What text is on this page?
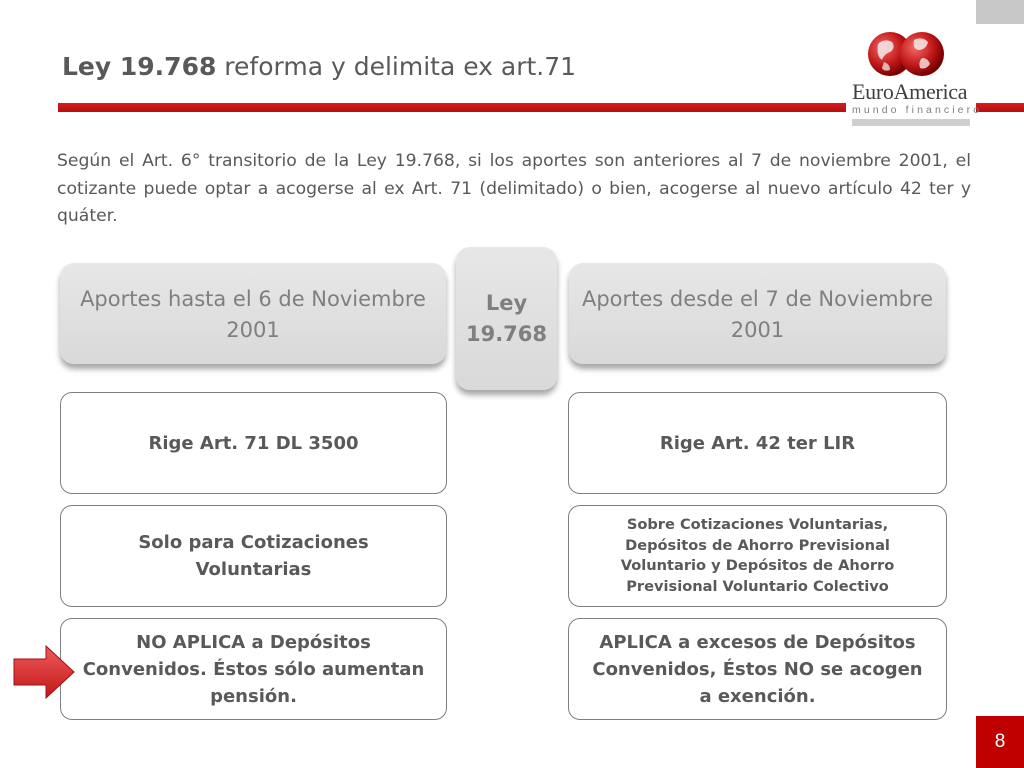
Ley 19.768 reforma y delimita ex art.71
EuroAmerica
mundo financiero
Según el Art. 6° transitorio de la Ley 19.768, si los aportes son anteriores al 7 de noviembre 2001, el cotizante puede optar a acogerse al ex Art. 71 (delimitado) o bien, acogerse al nuevo artículo 42 ter y quáter.
Aportes hasta el 6 de Noviembre 2001
Ley 19.768
Aportes desde el 7 de Noviembre 2001
Rige Art. 71 DL 3500
Solo para Cotizaciones Voluntarias
NO APLICA a Depósitos Convenidos. Éstos sólo aumentan pensión.
Rige Art. 42 ter LIR
Sobre Cotizaciones Voluntarias, Depósitos de Ahorro Previsional Voluntario y Depósitos de Ahorro Previsional Voluntario Colectivo
APLICA a excesos de Depósitos Convenidos, Éstos NO se acogen a exención.
8
